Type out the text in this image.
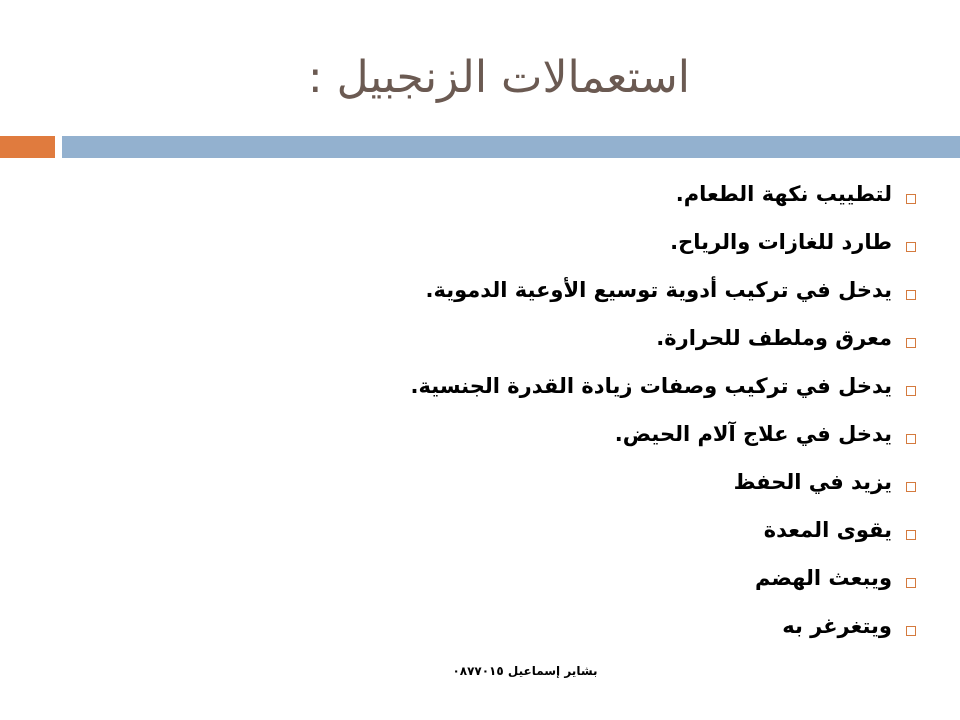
استعمالات الزنجبيل :
لتطييب نكهة الطعام.
طارد للغازات والرياح.
يدخل في تركيب أدوية توسيع الأوعية الدموية.
معرق وملطف للحرارة.
يدخل في تركيب وصفات زيادة القدرة الجنسية.
يدخل في علاج آلام الحيض.
يزيد في الحفظ
يقوى المعدة
ويبعث الهضم
ويتغرغر به
بشاير إسماعيل ٠٨٧٧٠١٥
